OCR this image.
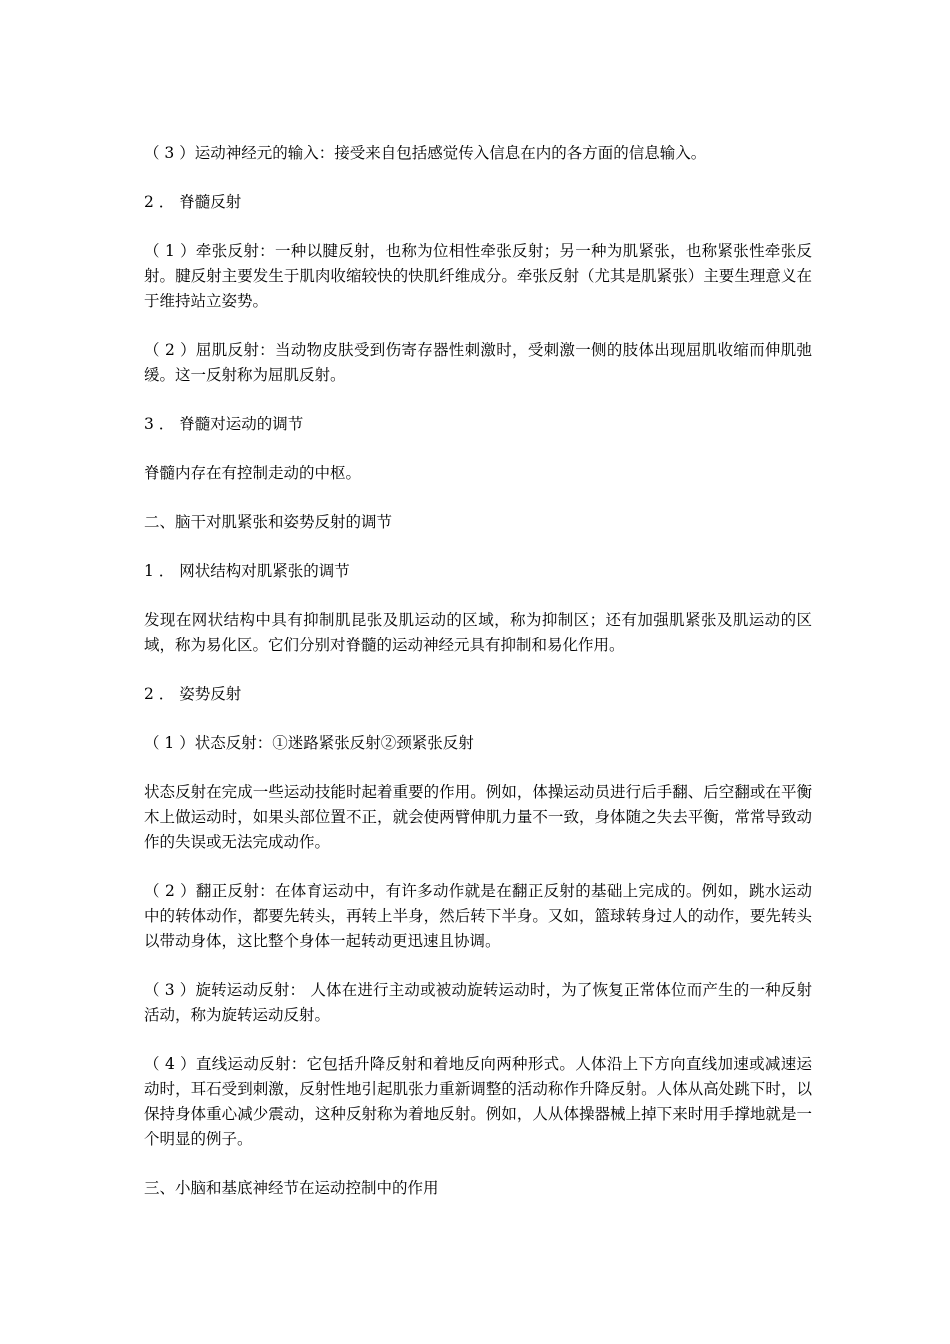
（ 3 ）运动神经元的输入：接受来自包括感觉传入信息在内的各方面的信息输入。

2 ． 脊髓反射

（ 1 ）牵张反射：一种以腱反射，也称为位相性牵张反射；另一种为肌紧张，也称紧张性牵张反射。腱反射主要发生于肌肉收缩较快的快肌纤维成分。牵张反射（尤其是肌紧张）主要生理意义在于维持站立姿势。

（ 2 ）屈肌反射：当动物皮肤受到伤寄存器性刺激时，受刺激一侧的肢体出现屈肌收缩而伸肌弛缓。这一反射称为屈肌反射。

3 ． 脊髓对运动的调节

脊髓内存在有控制走动的中枢。

二、脑干对肌紧张和姿势反射的调节

1 ． 网状结构对肌紧张的调节

发现在网状结构中具有抑制肌昆张及肌运动的区域，称为抑制区；还有加强肌紧张及肌运动的区域，称为易化区。它们分别对脊髓的运动神经元具有抑制和易化作用。

2 ． 姿势反射

（ 1 ）状态反射：①迷路紧张反射②颈紧张反射

状态反射在完成一些运动技能时起着重要的作用。例如，体操运动员进行后手翻、后空翻或在平衡木上做运动时，如果头部位置不正，就会使两臂伸肌力量不一致，身体随之失去平衡，常常导致动作的失误或无法完成动作。

（ 2 ）翻正反射：在体育运动中，有许多动作就是在翻正反射的基础上完成的。例如，跳水运动中的转体动作，都要先转头，再转上半身，然后转下半身。又如，篮球转身过人的动作，要先转头以带动身体，这比整个身体一起转动更迅速且协调。

（ 3 ）旋转运动反射： 人体在进行主动或被动旋转运动时，为了恢复正常体位而产生的一种反射活动，称为旋转运动反射。

（ 4 ）直线运动反射：它包括升降反射和着地反向两种形式。人体沿上下方向直线加速或减速运动时，耳石受到刺激，反射性地引起肌张力重新调整的活动称作升降反射。人体从高处跳下时，以保持身体重心减少震动，这种反射称为着地反射。例如，人从体操器械上掉下来时用手撑地就是一个明显的例子。

三、小脑和基底神经节在运动控制中的作用
